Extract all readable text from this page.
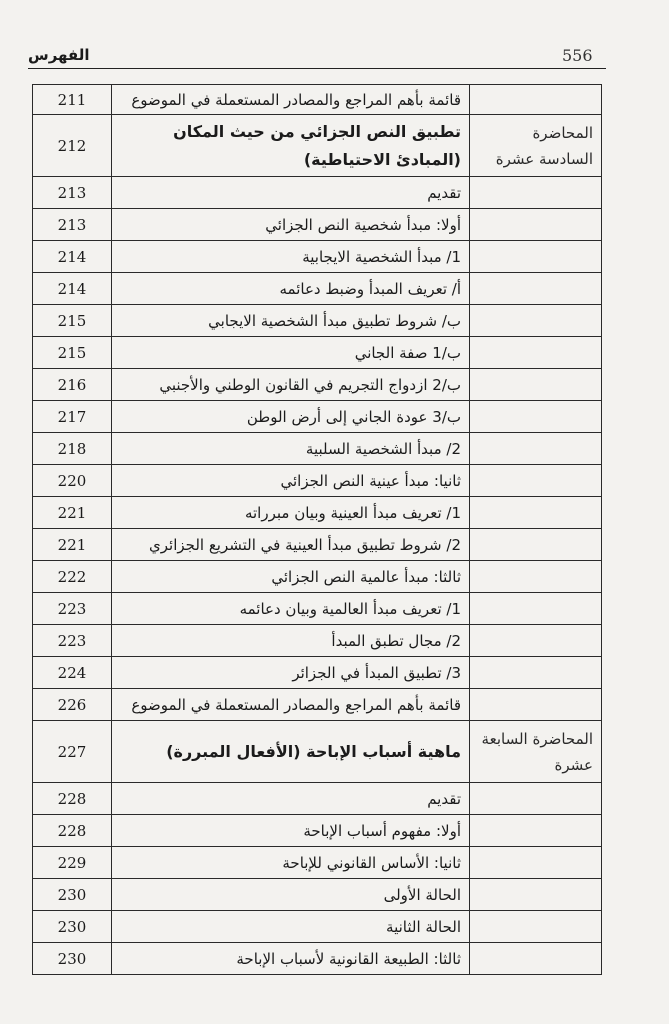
556
الفهرس
	قائمة بأهم المراجع والمصادر المستعملة في الموضوع	211
المحاضرة السادسة عشرة	تطبيق النص الجزائي من حيث المكان (المبادئ الاحتياطية)	212
	تقديم	213
	أولا: مبدأ شخصية النص الجزائي	213
	1/ مبدأ الشخصية الايجابية	214
	أ/ تعريف المبدأ وضبط دعائمه	214
	ب/ شروط تطبيق مبدأ الشخصية الايجابي	215
	ب/1 صفة الجاني	215
	ب/2 ازدواج التجريم في القانون الوطني والأجنبي	216
	ب/3 عودة الجاني إلى أرض الوطن	217
	2/ مبدأ الشخصية السلبية	218
	ثانيا: مبدأ عينية النص الجزائي	220
	1/ تعريف مبدأ العينية وبيان مبرراته	221
	2/ شروط تطبيق مبدأ العينية في التشريع الجزائري	221
	ثالثا: مبدأ عالمية النص الجزائي	222
	1/ تعريف مبدأ العالمية وبيان دعائمه	223
	2/ مجال تطبق المبدأ	223
	3/ تطبيق المبدأ في الجزائر	224
	قائمة بأهم المراجع والمصادر المستعملة في الموضوع	226
المحاضرة السابعة عشرة	ماهية أسباب الإباحة (الأفعال المبررة)	227
	تقديم	228
	أولا: مفهوم أسباب الإباحة	228
	ثانيا: الأساس القانوني للإباحة	229
	الحالة الأولى	230
	الحالة الثانية	230
	ثالثا: الطبيعة القانونية لأسباب الإباحة	230
